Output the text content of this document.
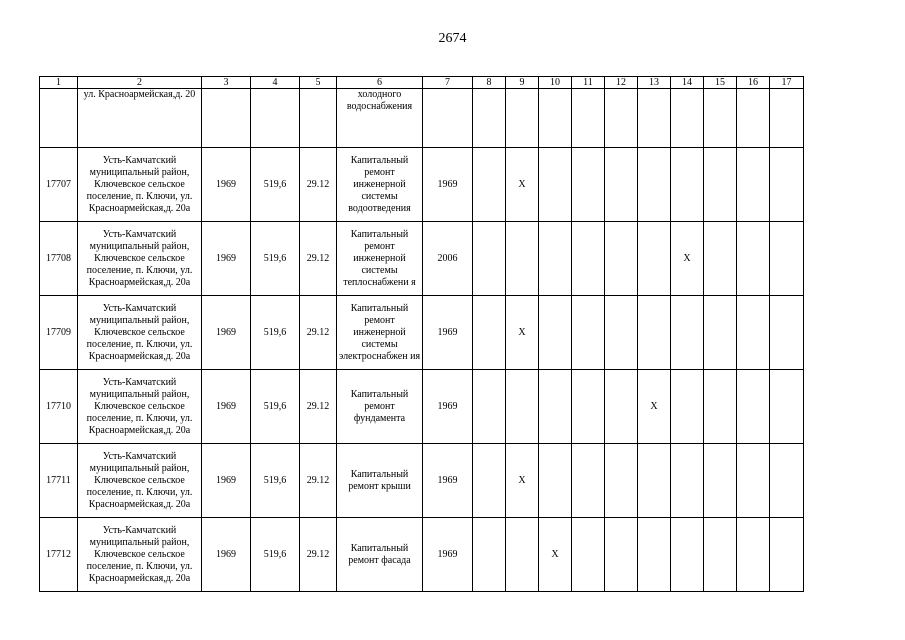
2674
1	2	3	4	5	6	7	8	9	10	11	12	13	14	15	16	17
	ул. Красноармейская,д. 20				холодного водоснабжения											
17707	Усть-Камчатский муниципальный район, Ключевское сельское поселение, п. Ключи, ул. Красноармейская,д. 20а	1969	519,6	29.12	Капитальный ремонт инженерной системы водоотведения	1969		X								
17708	Усть-Камчатский муниципальный район, Ключевское сельское поселение, п. Ключи, ул. Красноармейская,д. 20а	1969	519,6	29.12	Капитальный ремонт инженерной системы теплоснабжени я	2006							X			
17709	Усть-Камчатский муниципальный район, Ключевское сельское поселение, п. Ключи, ул. Красноармейская,д. 20а	1969	519,6	29.12	Капитальный ремонт инженерной системы электроснабжен ия	1969		X								
17710	Усть-Камчатский муниципальный район, Ключевское сельское поселение, п. Ключи, ул. Красноармейская,д. 20а	1969	519,6	29.12	Капитальный ремонт фундамента	1969						X				
17711	Усть-Камчатский муниципальный район, Ключевское сельское поселение, п. Ключи, ул. Красноармейская,д. 20а	1969	519,6	29.12	Капитальный ремонт крыши	1969		X								
17712	Усть-Камчатский муниципальный район, Ключевское сельское поселение, п. Ключи, ул. Красноармейская,д. 20а	1969	519,6	29.12	Капитальный ремонт фасада	1969			X							
